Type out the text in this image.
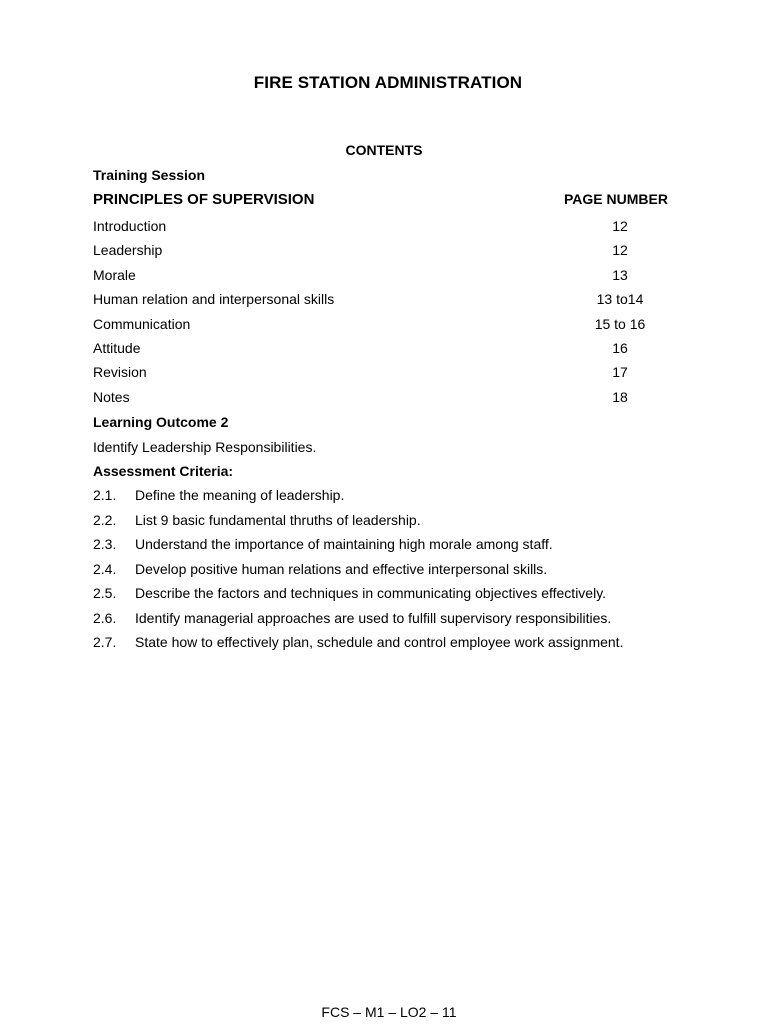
FIRE STATION ADMINISTRATION
CONTENTS
Training Session
PRINCIPLES OF SUPERVISION	PAGE NUMBER
Introduction	12
Leadership	12
Morale	13
Human relation and interpersonal skills	13 to14
Communication	15 to 16
Attitude	16
Revision	17
Notes	18
Learning Outcome 2
Identify Leadership Responsibilities.
Assessment Criteria:
2.1. Define the meaning of leadership.
2.2. List 9 basic fundamental thruths of leadership.
2.3. Understand the importance of maintaining high morale among staff.
2.4. Develop positive human relations and effective interpersonal skills.
2.5. Describe the factors and techniques in communicating objectives effectively.
2.6. Identify managerial approaches are used to fulfill supervisory responsibilities.
2.7. State how to effectively plan, schedule and control employee work assignment.
FCS – M1 – LO2 – 11
